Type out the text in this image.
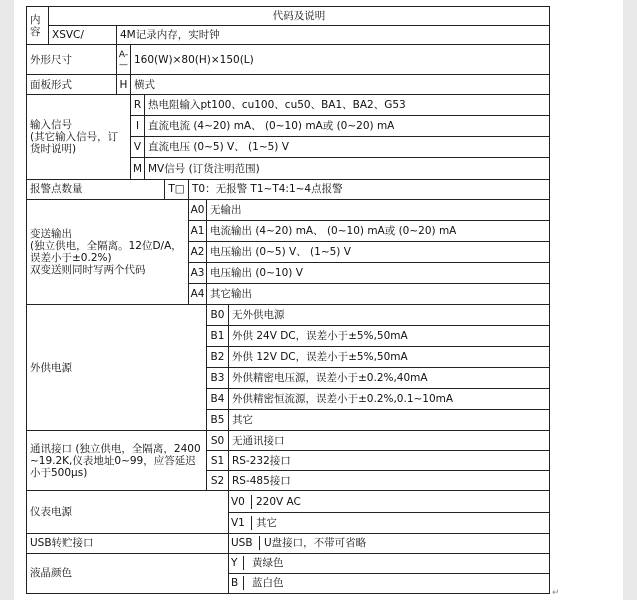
内容	代码及说明							
	XSVC/	4M记录内存，实时钟						
外形尺寸		A-—	160(W)×80(H)×150(L)					
面板形式		H	横式					
输入信号
(其它输入信号，订货时说明)			R	热电阻输入pt100、cu100、cu50、BA1、BA2、G53				
			I	直流电流 (4~20) mA、 (0~10) mA或 (0~20) mA				
			V	直流电压 (0~5) V、 (1~5) V				
			M	MV信号 (订货注明范围)				
报警点数量					T□	T0：无报警 T1~T4:1~4点报警		
变送输出
(独立供电，全隔离。12位D/A，误差小于±0.2%)
双变送则同时写两个代码						A0	无输出	
						A1	电流输出 (4~20) mA、 (0~10) mA或 (0~20) mA	
						A2	电压输出 (0~5) V、 (1~5) V	
						A3	电压输出 (0~10) V	
						A4	其它输出	
外供电源							B0	无外供电源
							B1	外供 24V DC，误差小于±5%,50mA
							B2	外供 12V DC，误差小于±5%,50mA
							B3	外供精密电压源，误差小于±0.2%,40mA
							B4	外供精密恒流源，误差小于±0.2%,0.1~10mA
							B5	其它
通讯接口 (独立供电，全隔离，2400~19.2K,仪表地址0~99，应答延迟小于500μs)							S0	无通讯接口
							S1	RS-232接口
							S2	RS-485接口
仪表电源								V0 220V AC
								V1 其它
USB转贮接口								USB U盘接口，不带可省略
液晶颜色								Y 黄绿色
								B 蓝白色
↵
